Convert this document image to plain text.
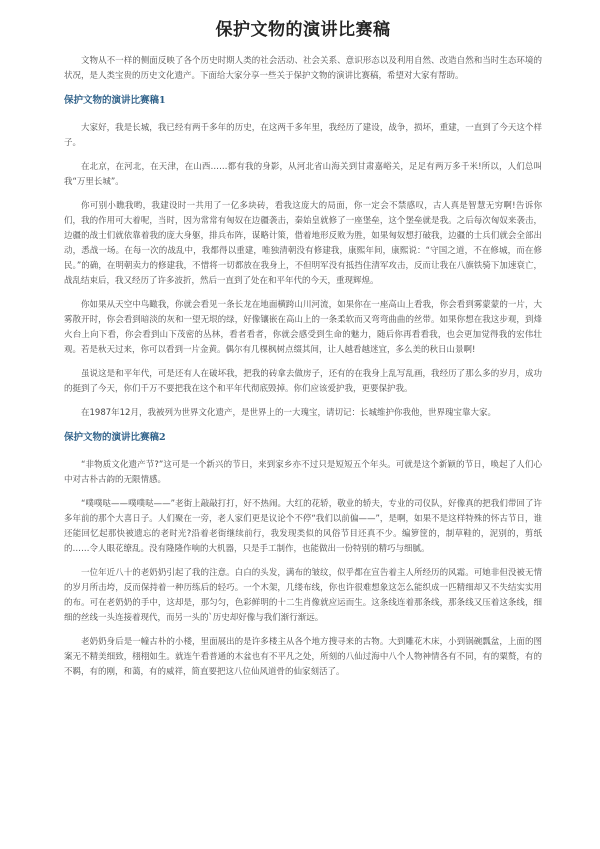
保护文物的演讲比赛稿

文物从不一样的侧面反映了各个历史时期人类的社会活动、社会关系、意识形态以及利用自然、改造自然和当时生态环境的状况，是人类宝贵的历史文化遗产。下面给大家分享一些关于保护文物的演讲比赛稿，希望对大家有帮助。

保护文物的演讲比赛稿1

大家好，我是长城，我已经有两千多年的历史，在这两千多年里，我经历了建设，战争，损坏，重建，一直到了今天这个样子。

在北京，在河北，在天津，在山西……都有我的身影，从河北省山海关到甘肃嘉峪关，足足有两万多千米!所以，人们总叫我“万里长城”。

你可别小瞧我哟，我建设时一共用了一亿多块砖，看我这庞大的局面，你一定会不禁感叹，古人真是智慧无穷啊!告诉你们，我的作用可大着呢，当时，因为常常有匈奴在边疆袭击，秦始皇就修了一座堡垒，这个堡垒就是我。之后每次匈奴来袭击，边疆的战士们就依靠着我的庞大身躯，排兵布阵，谋略计策，借着地形反败为胜，如果匈奴想打破我，边疆的士兵们就会全部出动，悉战一场。在每一次的战乱中，我都得以重建，唯独清朝没有修建我，康熙年间，康熙说：“守国之道，不在修城，而在修民。”的确，在明朝卖力的修建我，不惜将一切都放在我身上，不但明军没有抵挡住清军攻击，反而让我在八旗铁骑下加速衰亡，战乱结束后，我又经历了许多波折，然后一直到了处在和平年代的今天，重现辉煌。

你如果从天空中鸟瞰我，你就会看见一条长龙在地面横跨山川河流，如果你在一座高山上看我，你会看到雾蒙蒙的一片，大雾散开时，你会看到暗淡的灰和一望无垠的绿，好像镶嵌在高山上的一条柔软而又弯弯曲曲的丝带。如果你想在我这步观，到烽火台上向下看，你会看到山下茂密的丛林，看者看者，你就会感受到生命的魅力，随后你再看看我，也会更加觉得我的宏伟壮观。若是秋天过来，你可以看到一片金黄。偶尔有几棵枫树点缀其间，让人越看越迷宜，多么美的秋日山景啊!

虽说这是和平年代，可是还有人在破坏我，把我的砖拿去做房子，还有的在我身上乱写乱画，我经历了那么多的岁月，成功的挺到了今天，你们千万不要把我在这个和平年代彻底毁掉。你们应该爱护我，更要保护我。

在1987年12月，我被列为世界文化遗产，是世界上的一大瑰宝，请切记：长城维护你我他，世界瑰宝靠大家。

保护文物的演讲比赛稿2

“非物质文化遗产节?”这可是一个新兴的节日，来到家乡亦不过只是短短五个年头。可就是这个新颖的节日，唤起了人们心中对古朴古韵的无限情感。

“噗噗哒——噗噗哒——”老街上敲敲打打，好不热闹。大红的花轿，敬业的轿夫，专业的司仪队，好像真的把我们带回了许多年前的那个大喜日子。人们聚在一旁，老人家们更是议论个不停“我们以前偏——”，是啊，如果不是这样特殊的怀古节日，谁还能回忆起那快被遗忘的老时光?沿着老街继续前行，我发现类似的风俗节目还真不少。编箩筐的，制草鞋的，泥别的，剪纸的……令人眼花缭乱。没有隆隆作响的大机器，只是手工制作，也能做出一份特别的精巧与细腻。

一位年近八十的老奶奶引起了我的注意。白白的头发，满布的皱纹，似乎都在宣告着主人所经历的风霜。可她非但没被无情的岁月所击垮，反而保持着一种历练后的轻巧。一个木架，几缕布线，你也许很难想象这怎么能织成一匹精细却又不失结实实用的布。可在老奶奶的手中，这却是，那匀匀，色彩鲜明的十二生肖像就应运而生。这条线连着那条线，那条线又压着这条线，细细的丝线一头连接着现代，而另一头的`历史却好像与我们渐行渐远。

老奶奶身后是一幢古朴的小楼，里面展出的是许多楼主从各个地方搜寻来的古物。大到雕花木床，小到锅碗瓢盆，上面的图案无不精美细致，栩栩如生。就连午看普通的木盆也有不平凡之处，所刻的八仙过海中八个人物神情各有不同，有的粟赘，有的不羁，有的刚，和蔼，有的威祥，简直要把这八位仙风道骨的仙家刻活了。
